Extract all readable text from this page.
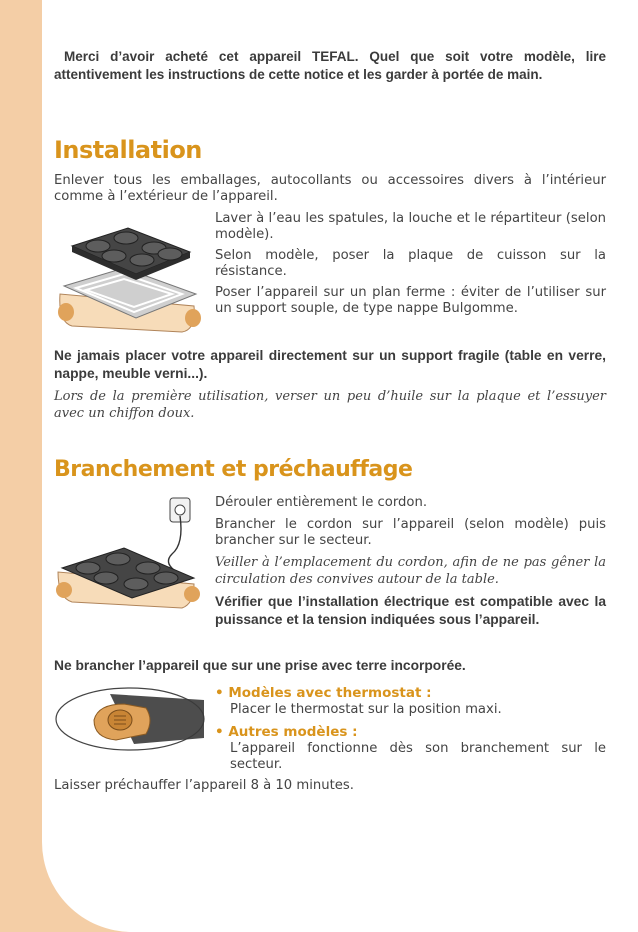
Merci d’avoir acheté cet appareil TEFAL. Quel que soit votre modèle, lire attentivement les instructions de cette notice et les garder à portée de main.

Installation

Enlever tous les emballages, autocollants ou accessoires divers à l’intérieur comme à l’extérieur de l’appareil.

Laver à l’eau les spatules, la louche et le répartiteur (selon modèle).

Selon modèle, poser la plaque de cuisson sur la résistance.

Poser l’appareil sur un plan ferme : éviter de l’utiliser sur un support souple, de type nappe Bulgomme.

Ne jamais placer votre appareil directement sur un support fragile (table en verre, nappe, meuble verni...).

Lors de la première utilisation, verser un peu d’huile sur la plaque et l’essuyer avec un chiffon doux.

Branchement et préchauffage

Dérouler entièrement le cordon.

Brancher le cordon sur l’appareil (selon modèle) puis brancher sur le secteur.

Veiller à l’emplacement du cordon, afin de ne pas gêner la circulation des convives autour de la table.

Vérifier que l’installation électrique est compatible avec la puissance et la tension indiquées sous l’appareil.

Ne brancher l’appareil que sur une prise avec terre incorporée.

• Modèles avec thermostat :

Placer le thermostat sur la position maxi.

• Autres modèles :

L’appareil fonctionne dès son branchement sur le secteur.

Laisser préchauffer l’appareil 8 à 10 minutes.
